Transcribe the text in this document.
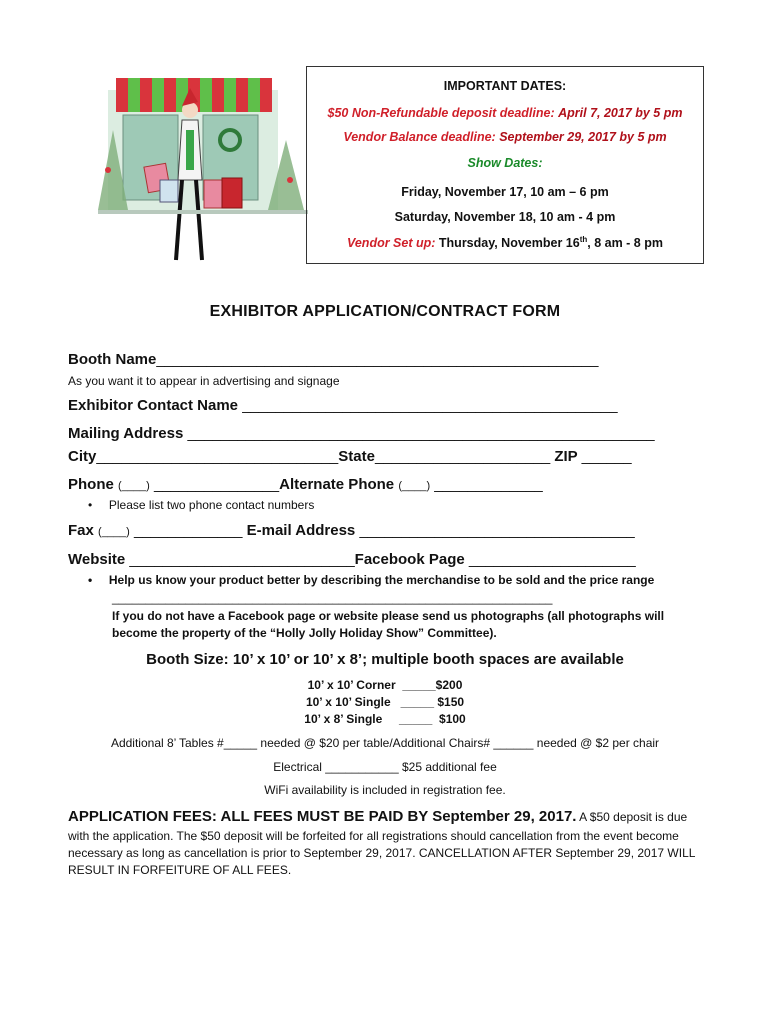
IMPORTANT DATES:
$50 Non-Refundable deposit deadline: April 7, 2017 by 5 pm
Vendor Balance deadline: September 29, 2017 by 5 pm
Show Dates:
Friday, November 17, 10 am – 6 pm
Saturday, November 18, 10 am - 4 pm
Vendor Set up: Thursday, November 16th, 8 am - 8 pm
EXHIBITOR APPLICATION/CONTRACT FORM
Booth Name_____________________________________________________
As you want it to appear in advertising and signage
Exhibitor Contact Name _____________________________________________
Mailing Address ________________________________________________________
City_____________________________State_____________________ ZIP ______
Phone (____) _______________Alternate Phone (____) _____________
•     Please list two phone contact numbers
Fax (____) _____________ E-mail Address _________________________________
Website ___________________________Facebook Page ____________________
•     Help us know your product better by describing the merchandise to be sold and the price range
__________________________________________________________________
If you do not have a Facebook page or website please send us photographs (all photographs will become the property of the “Holly Jolly Holiday Show” Committee).
Booth Size: 10’ x 10’ or 10’ x 8’; multiple booth spaces are available
10’ x 10’ Corner  _____$200
10’ x 10’ Single   _____ $150
10’ x 8’ Single     _____  $100
Additional 8’ Tables #_____ needed @ $20 per table/Additional Chairs# ______ needed @ $2 per chair
Electrical ___________ $25 additional fee
WiFi availability is included in registration fee.
APPLICATION FEES: ALL FEES MUST BE PAID BY September 29, 2017. A $50 deposit is due
with the application. The $50 deposit will be forfeited for all registrations should cancellation from the event become necessary as long as cancellation is prior to September 29, 2017. CANCELLATION AFTER September 29, 2017 WILL RESULT IN FORFEITURE OF ALL FEES.
